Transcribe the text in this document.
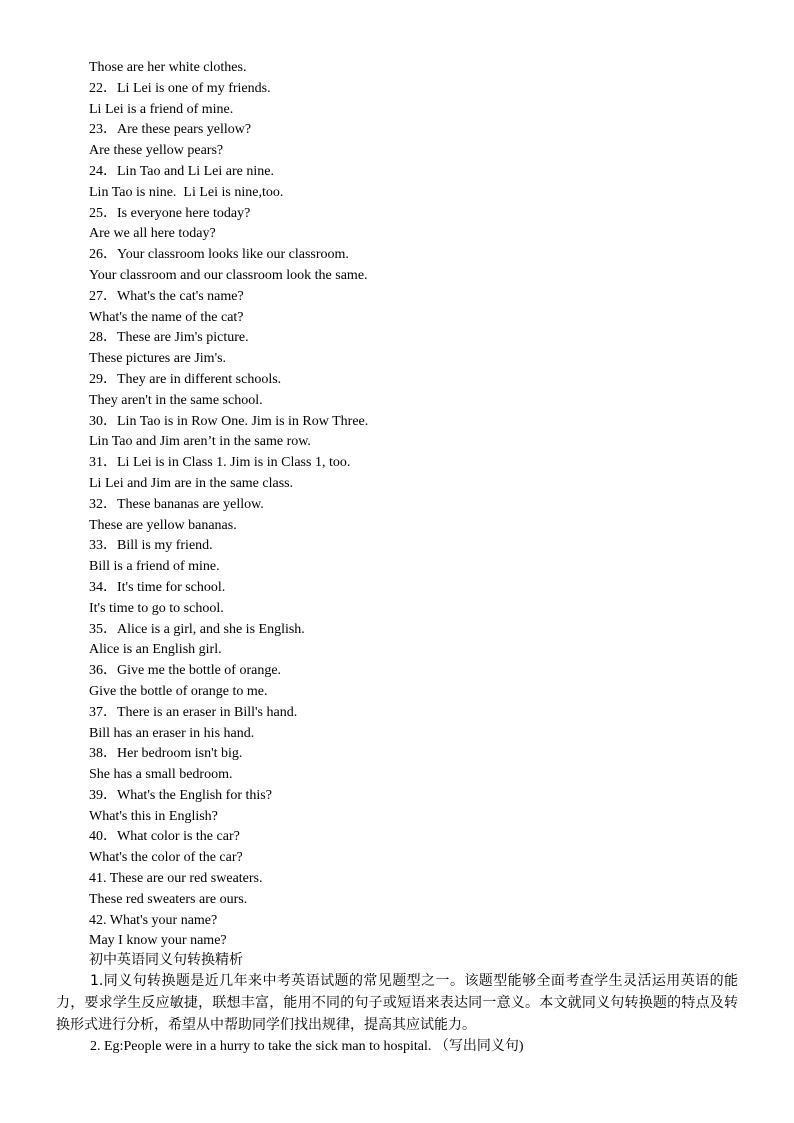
Those are her white clothes.
22．Li Lei is one of my friends.
Li Lei is a friend of mine.
23．Are these pears yellow?
Are these yellow pears?
24．Lin Tao and Li Lei are nine.
Lin Tao is nine.  Li Lei is nine,too.
25．Is everyone here today?
Are we all here today?
26．Your classroom looks like our classroom.
Your classroom and our classroom look the same.
27．What's the cat's name?
What's the name of the cat?
28．These are Jim's picture.
These pictures are Jim's.
29．They are in different schools.
They aren't in the same school.
30．Lin Tao is in Row One. Jim is in Row Three.
Lin Tao and Jim aren’t in the same row.
31．Li Lei is in Class 1. Jim is in Class 1, too.
Li Lei and Jim are in the same class.
32．These bananas are yellow.
These are yellow bananas.
33．Bill is my friend.
Bill is a friend of mine.
34．It's time for school.
It's time to go to school.
35．Alice is a girl, and she is English.
Alice is an English girl.
36．Give me the bottle of orange.
Give the bottle of orange to me.
37．There is an eraser in Bill's hand.
Bill has an eraser in his hand.
38．Her bedroom isn't big.
She has a small bedroom.
39．What's the English for this?
What's this in English?
40．What color is the car?
What's the color of the car?
41. These are our red sweaters.
These red sweaters are ours.
42. What's your name?
May I know your name?
初中英语同义句转换精析

1.同义句转换题是近几年来中考英语试题的常见题型之一。该题型能够全面考查学生灵活运用英语的能力，要求学生反应敏捷，联想丰富，能用不同的句子或短语来表达同一意义。本文就同义句转换题的特点及转换形式进行分析，希望从中帮助同学们找出规律，提高其应试能力。

2. Eg:People were in a hurry to take the sick man to hospital. （写出同义句)
